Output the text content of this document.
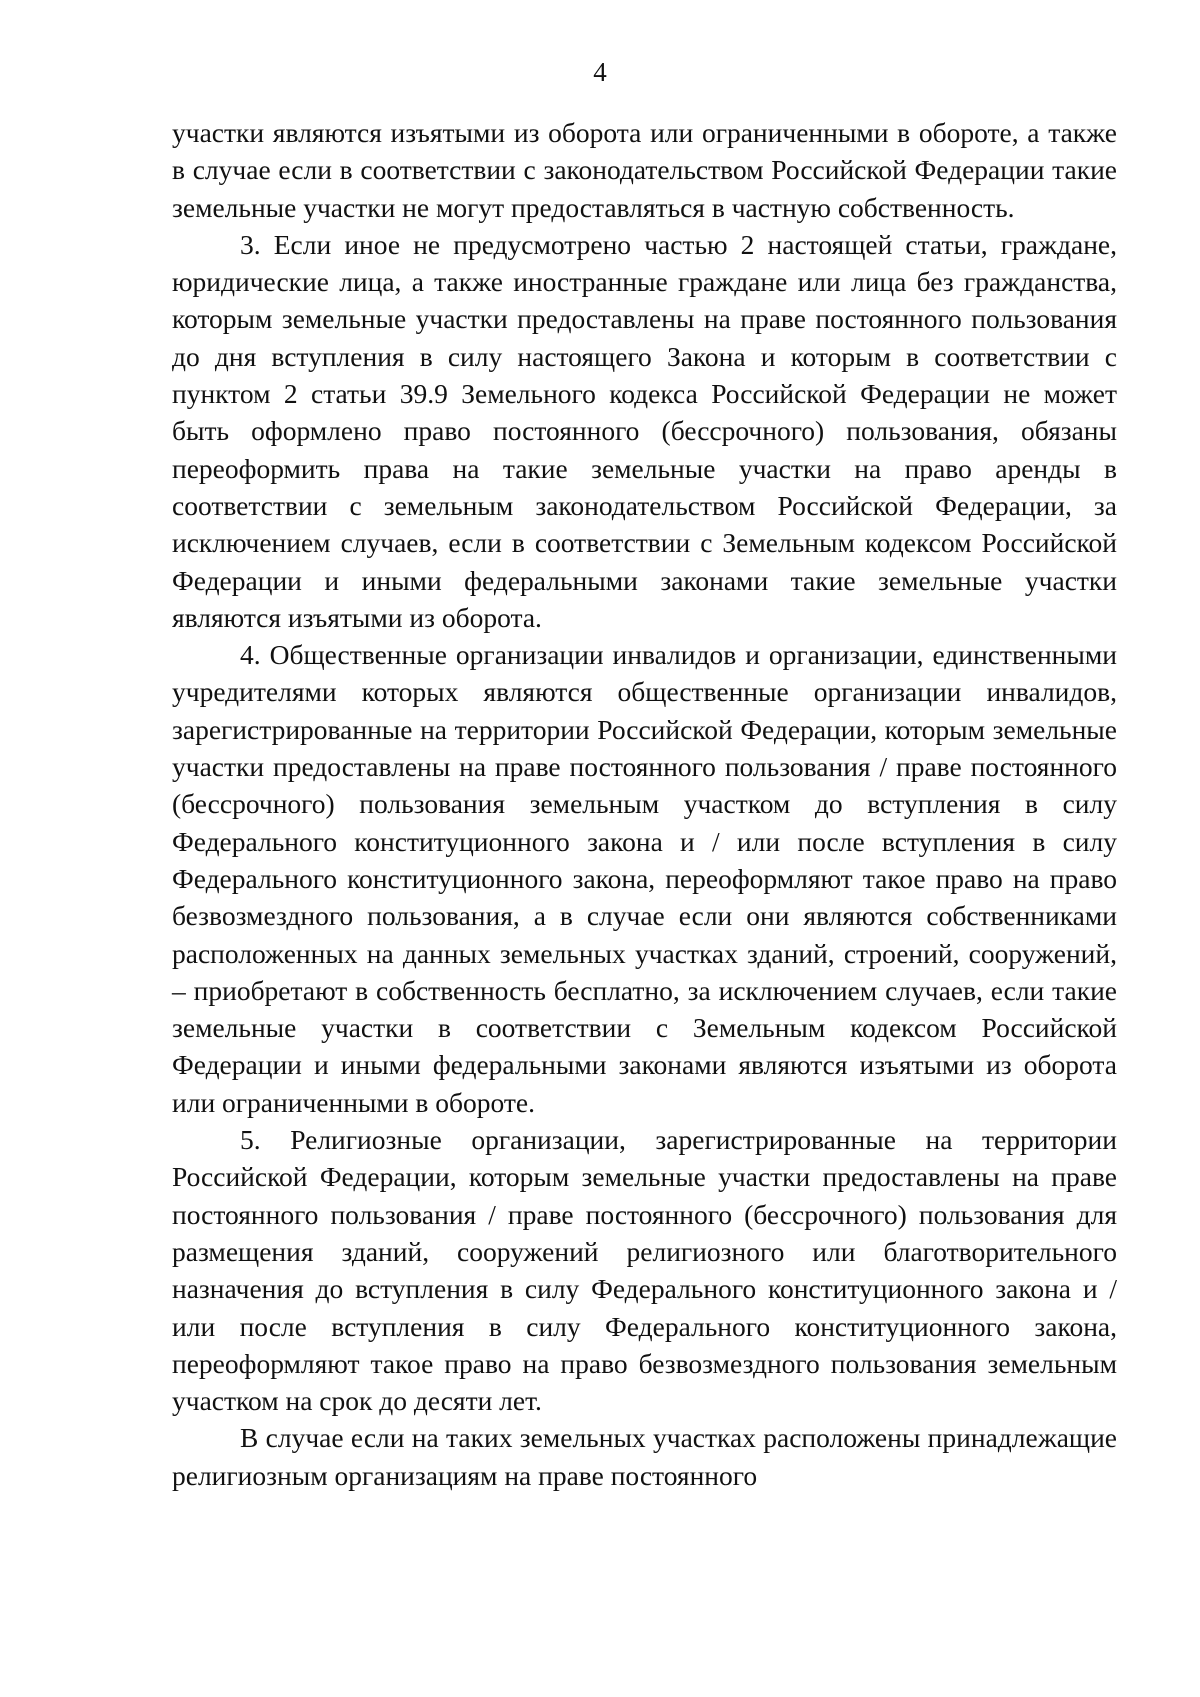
4

участки являются изъятыми из оборота или ограниченными в обороте, а также в случае если в соответствии с законодательством Российской Федерации такие земельные участки не могут предоставляться в частную собственность.

3. Если иное не предусмотрено частью 2 настоящей статьи, граждане, юридические лица, а также иностранные граждане или лица без гражданства, которым земельные участки предоставлены на праве постоянного пользования до дня вступления в силу настоящего Закона и которым в соответствии с пунктом 2 статьи 39.9 Земельного кодекса Российской Федерации не может быть оформлено право постоянного (бессрочного) пользования, обязаны переоформить права на такие земельные участки на право аренды в соответствии с земельным законодательством Российской Федерации, за исключением случаев, если в соответствии с Земельным кодексом Российской Федерации и иными федеральными законами такие земельные участки являются изъятыми из оборота.

4. Общественные организации инвалидов и организации, единственными учредителями которых являются общественные организации инвалидов, зарегистрированные на территории Российской Федерации, которым земельные участки предоставлены на праве постоянного пользования / праве постоянного (бессрочного) пользования земельным участком до вступления в силу Федерального конституционного закона и / или после вступления в силу Федерального конституционного закона, переоформляют такое право на право безвозмездного пользования, а в случае если они являются собственниками расположенных на данных земельных участках зданий, строений, сооружений, – приобретают в собственность бесплатно, за исключением случаев, если такие земельные участки в соответствии с Земельным кодексом Российской Федерации и иными федеральными законами являются изъятыми из оборота или ограниченными в обороте.

5. Религиозные организации, зарегистрированные на территории Российской Федерации, которым земельные участки предоставлены на праве постоянного пользования / праве постоянного (бессрочного) пользования для размещения зданий, сооружений религиозного или благотворительного назначения до вступления в силу Федерального конституционного закона и / или после вступления в силу Федерального конституционного закона, переоформляют такое право на право безвозмездного пользования земельным участком на срок до десяти лет.

В случае если на таких земельных участках расположены принадлежащие религиозным организациям на праве постоянного
